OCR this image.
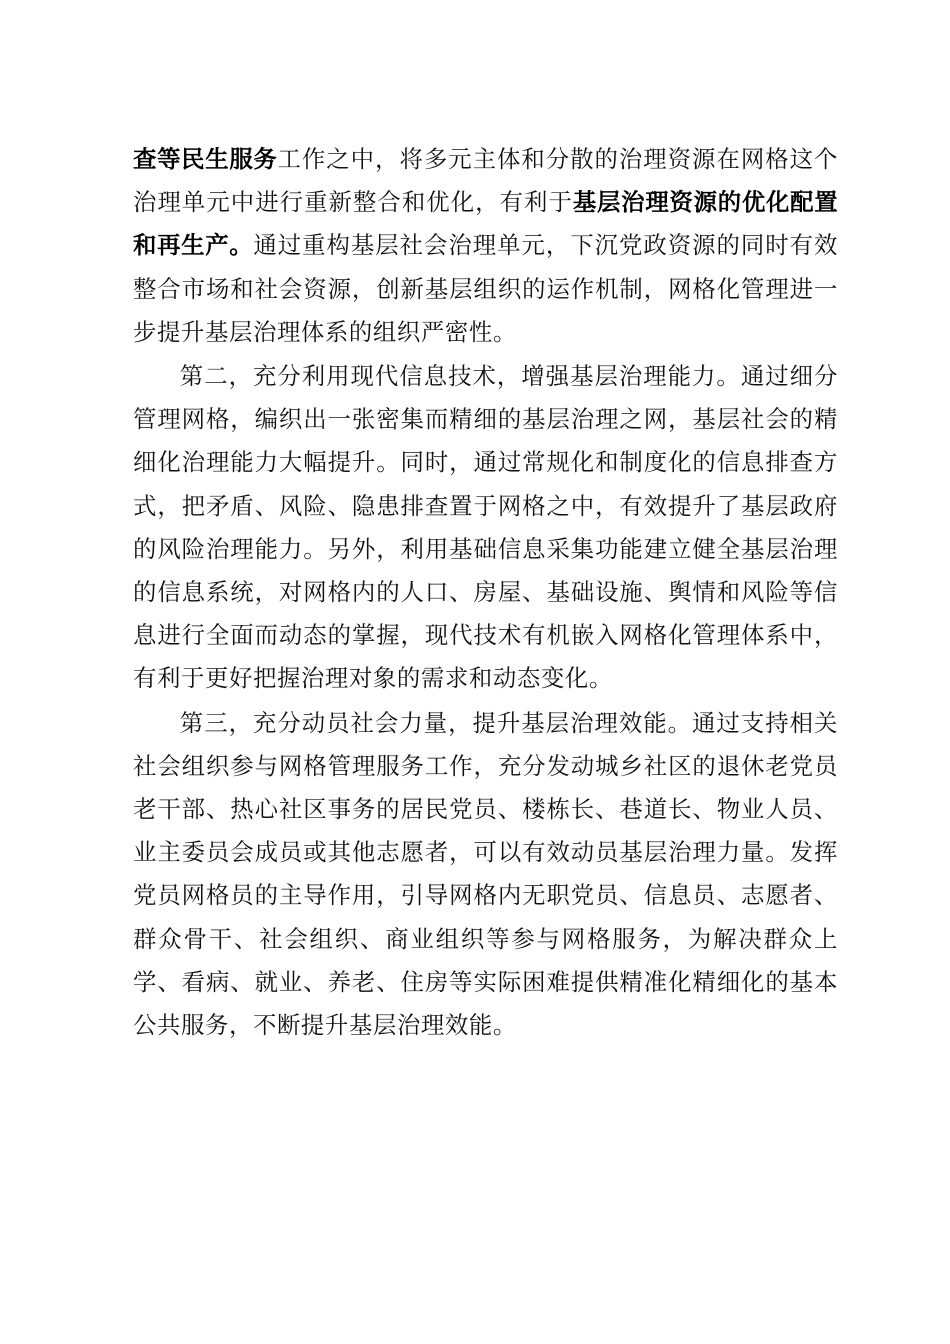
查等民生服务工作之中，将多元主体和分散的治理资源在网格这个治理单元中进行重新整合和优化，有利于基层治理资源的优化配置和再生产。通过重构基层社会治理单元，下沉党政资源的同时有效整合市场和社会资源，创新基层组织的运作机制，网格化管理进一步提升基层治理体系的组织严密性。

第二，充分利用现代信息技术，增强基层治理能力。通过细分管理网格，编织出一张密集而精细的基层治理之网，基层社会的精细化治理能力大幅提升。同时，通过常规化和制度化的信息排查方式，把矛盾、风险、隐患排查置于网格之中，有效提升了基层政府的风险治理能力。另外，利用基础信息采集功能建立健全基层治理的信息系统，对网格内的人口、房屋、基础设施、舆情和风险等信息进行全面而动态的掌握，现代技术有机嵌入网格化管理体系中，有利于更好把握治理对象的需求和动态变化。

第三，充分动员社会力量，提升基层治理效能。通过支持相关社会组织参与网格管理服务工作，充分发动城乡社区的退休老党员老干部、热心社区事务的居民党员、楼栋长、巷道长、物业人员、业主委员会成员或其他志愿者，可以有效动员基层治理力量。发挥党员网格员的主导作用，引导网格内无职党员、信息员、志愿者、群众骨干、社会组织、商业组织等参与网格服务，为解决群众上学、看病、就业、养老、住房等实际困难提供精准化精细化的基本公共服务，不断提升基层治理效能。
